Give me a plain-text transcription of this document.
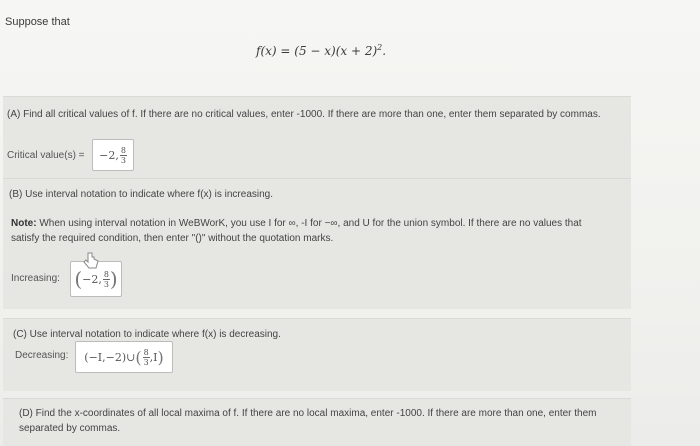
Suppose that
$f(x) = (5 - x)(x + 2)^2$.
(A) Find all critical values of f. If there are no critical values, enter -1000. If there are more than one, enter them separated by commas.
Critical value(s) = −2, $\frac{8}{3}$
(B) Use interval notation to indicate where f(x) is increasing.
Note: When using interval notation in WeBWorK, you use I for ∞, -I for −∞, and U for the union symbol. If there are no values that satisfy the required condition, then enter "()" without the quotation marks.
Increasing: ( −2, $\frac{8}{3}$ )
(C) Use interval notation to indicate where f(x) is decreasing.
Decreasing: (−I,−2)∪ ( $\frac{8}{3} ,I$ )
(D) Find the x-coordinates of all local maxima of f. If there are no local maxima, enter -1000. If there are more than one, enter them separated by commas.
